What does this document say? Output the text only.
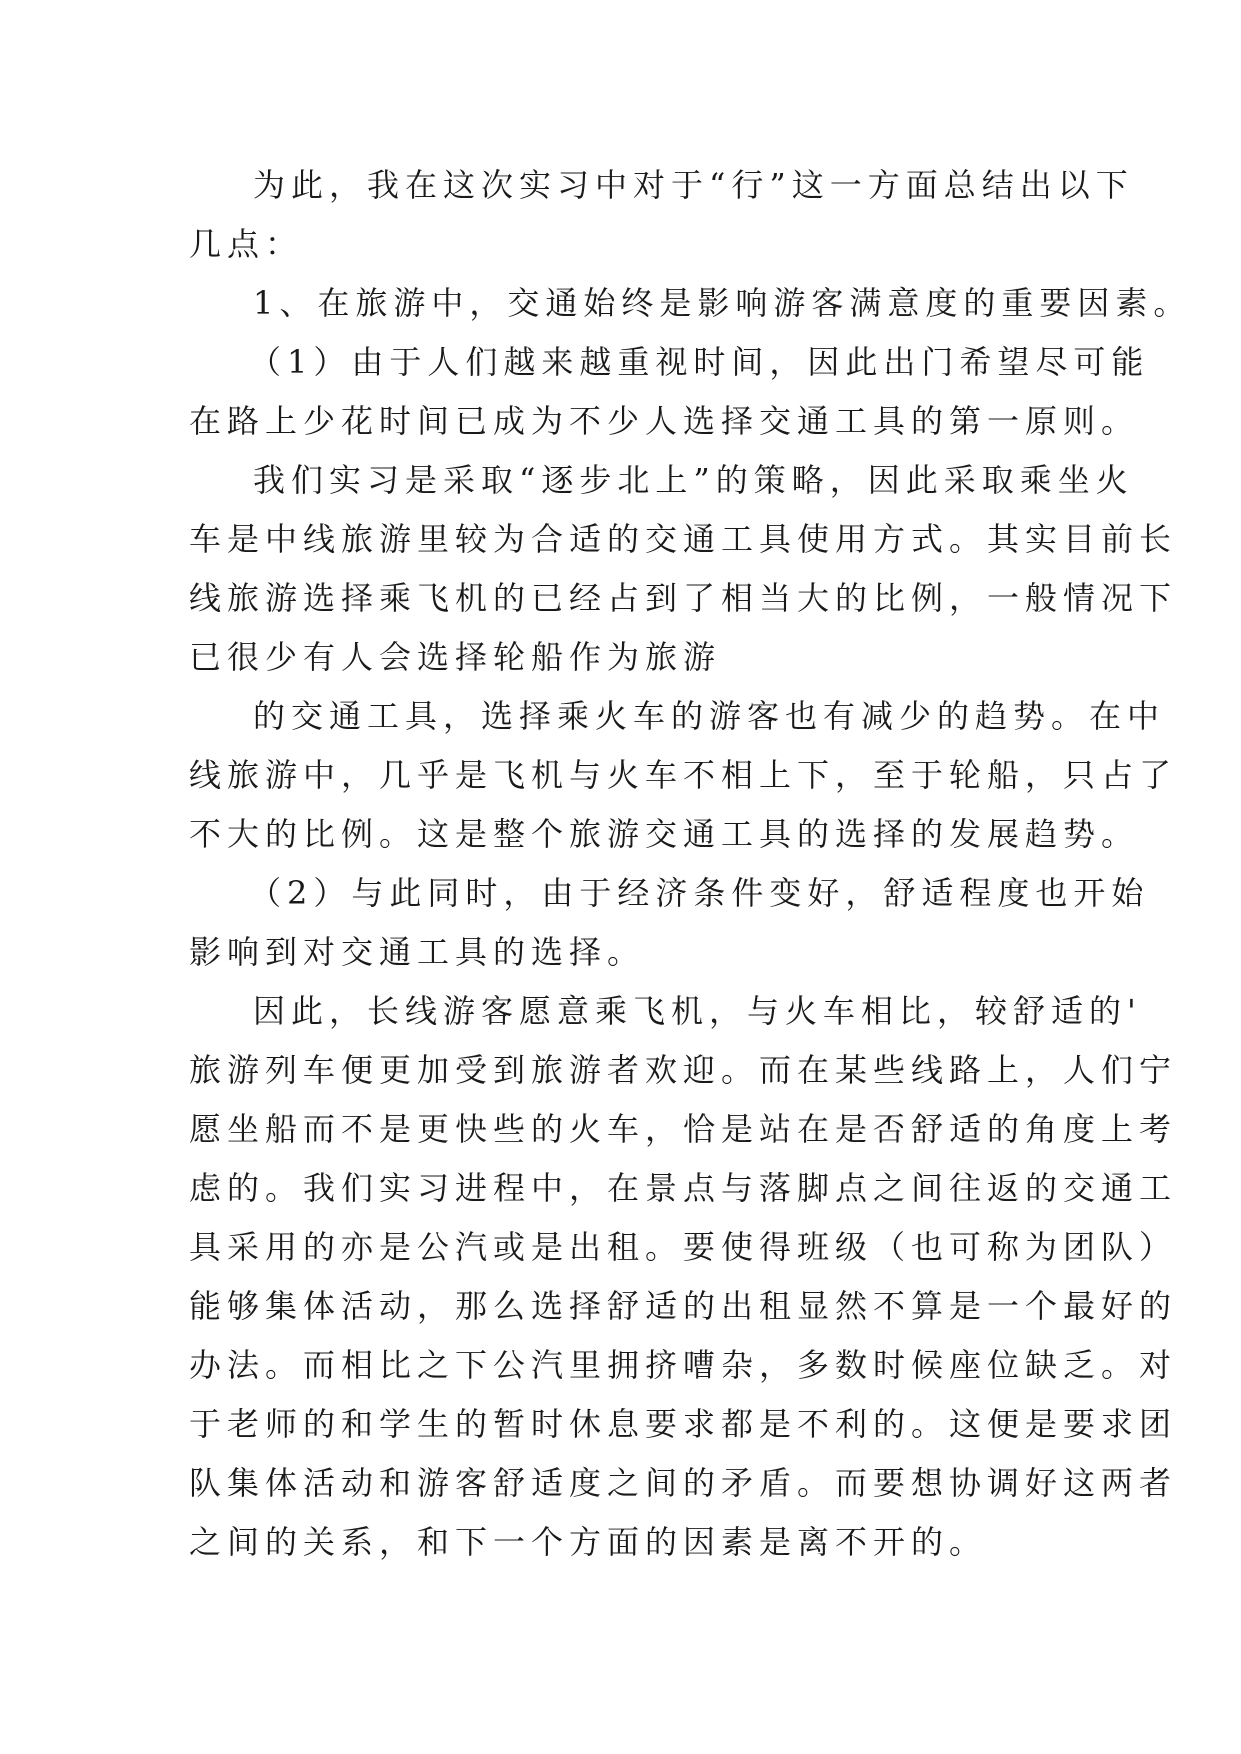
为此，我在这次实习中对于“行”这一方面总结出以下
几点：
1、在旅游中，交通始终是影响游客满意度的重要因素。
（1）由于人们越来越重视时间，因此出门希望尽可能
在路上少花时间已成为不少人选择交通工具的第一原则。
我们实习是采取“逐步北上”的策略，因此采取乘坐火
车是中线旅游里较为合适的交通工具使用方式。其实目前长
线旅游选择乘飞机的已经占到了相当大的比例，一般情况下
已很少有人会选择轮船作为旅游
的交通工具，选择乘火车的游客也有减少的趋势。在中
线旅游中，几乎是飞机与火车不相上下，至于轮船，只占了
不大的比例。这是整个旅游交通工具的选择的发展趋势。
（2）与此同时，由于经济条件变好，舒适程度也开始
影响到对交通工具的选择。
因此，长线游客愿意乘飞机，与火车相比，较舒适的'
旅游列车便更加受到旅游者欢迎。而在某些线路上，人们宁
愿坐船而不是更快些的火车，恰是站在是否舒适的角度上考
虑的。我们实习进程中，在景点与落脚点之间往返的交通工
具采用的亦是公汽或是出租。要使得班级（也可称为团队）
能够集体活动，那么选择舒适的出租显然不算是一个最好的
办法。而相比之下公汽里拥挤嘈杂，多数时候座位缺乏。对
于老师的和学生的暂时休息要求都是不利的。这便是要求团
队集体活动和游客舒适度之间的矛盾。而要想协调好这两者
之间的关系，和下一个方面的因素是离不开的。
